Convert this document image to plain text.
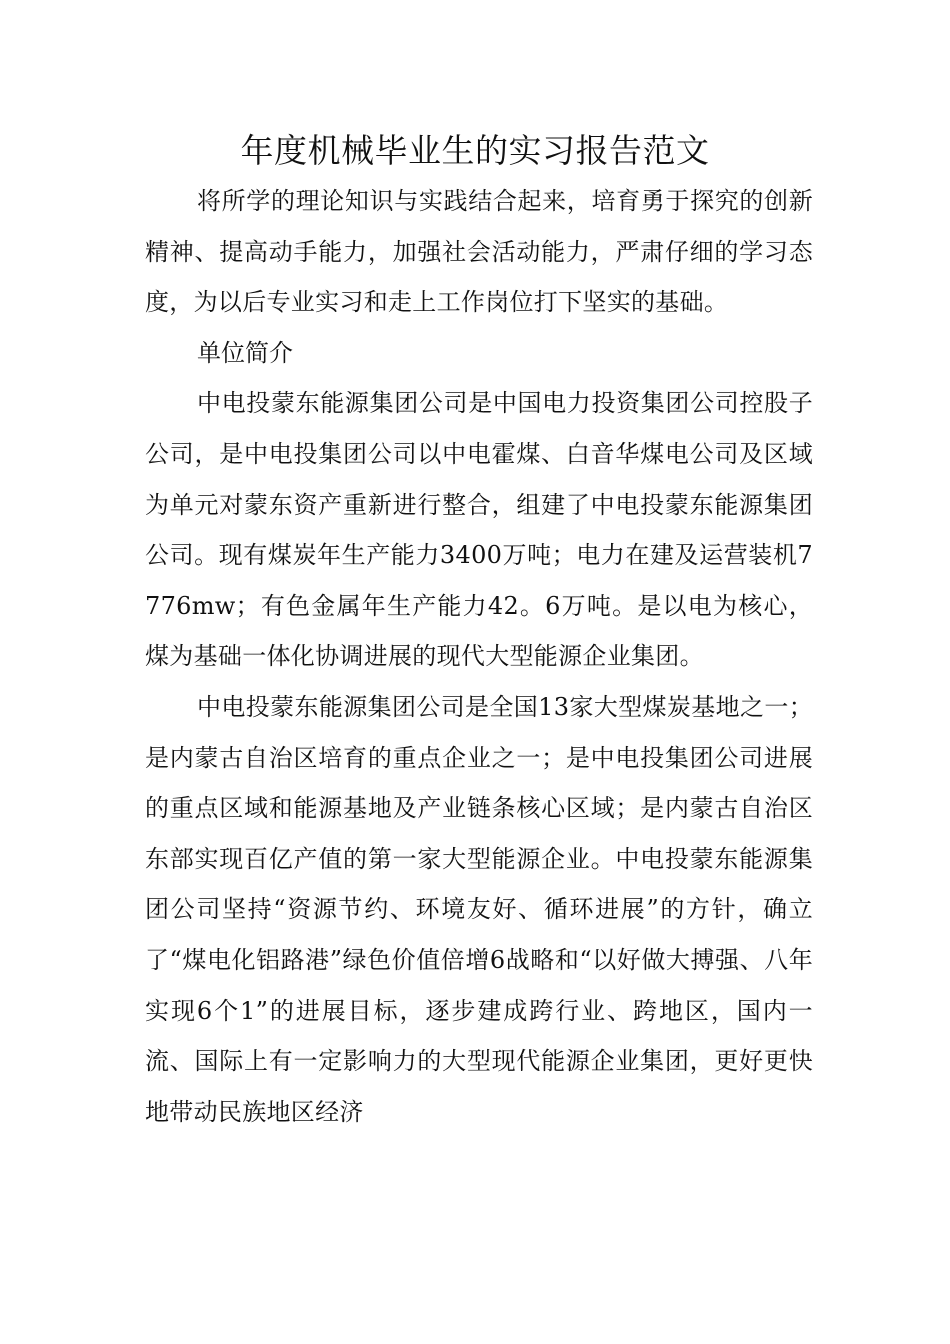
年度机械毕业生的实习报告范文

将所学的理论知识与实践结合起来，培育勇于探究的创新精神、提高动手能力，加强社会活动能力，严肃仔细的学习态度，为以后专业实习和走上工作岗位打下坚实的基础。

单位简介

中电投蒙东能源集团公司是中国电力投资集团公司控股子公司，是中电投集团公司以中电霍煤、白音华煤电公司及区域为单元对蒙东资产重新进行整合，组建了中电投蒙东能源集团公司。现有煤炭年生产能力3400万吨；电力在建及运营装机7776mw；有色金属年生产能力42。6万吨。是以电为核心，煤为基础一体化协调进展的现代大型能源企业集团。

中电投蒙东能源集团公司是全国13家大型煤炭基地之一；是内蒙古自治区培育的重点企业之一；是中电投集团公司进展的重点区域和能源基地及产业链条核心区域；是内蒙古自治区东部实现百亿产值的第一家大型能源企业。中电投蒙东能源集团公司坚持“资源节约、环境友好、循环进展”的方针，确立了“煤电化铝路港”绿色价值倍增6战略和“以好做大搏强、八年实现6个1”的进展目标，逐步建成跨行业、跨地区，国内一流、国际上有一定影响力的大型现代能源企业集团，更好更快地带动民族地区经济
